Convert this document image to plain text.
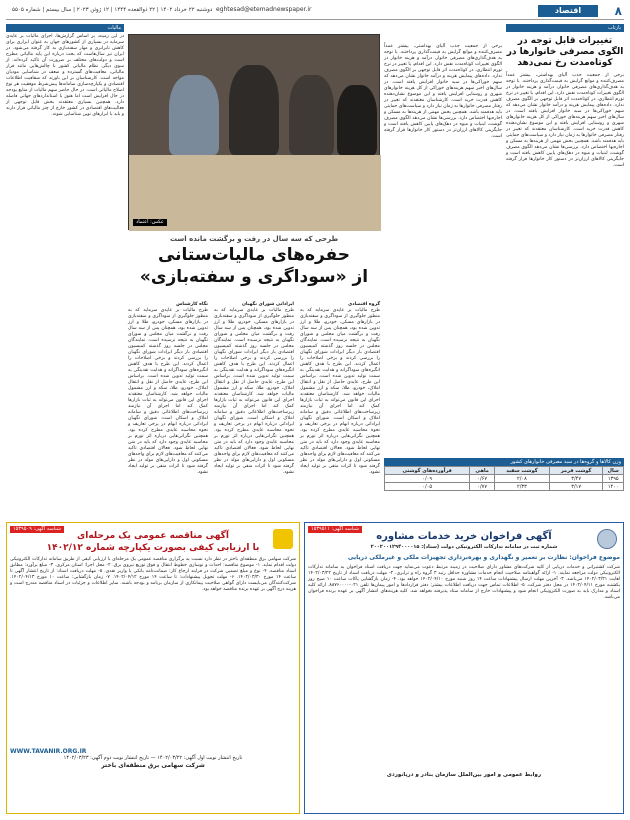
۸
اقتصاد
eghtesad@etemadnewspaper.ir
دوشنبه ۲۲ خرداد ۱۴۰۲ | ۲۲ ذوالقعده ۱۴۴۴ | ۱۲ ژوئن ۲۰۲۳ | سال بیستم | شماره ۵۵۰۵
بازتاب
تغییرات قابل توجه در الگوی مصرفی خانوارها در کوتاه‌مدت رخ نمی‌دهد
برخی از جمعیت جذب آلیای بهداشتی، بیشتر عمداً مصرف‌کننده و موانع گرایش به قیمت‌گذاری پرداختند. با توجه به هدف‌گذاری‌های مصرفی خانوار، درآمد و هزینه خانوار در الگوی تغییرات کوتاه‌مدت نقش دارد. این اقدام، یا تغییر در نرخ تورم انتظاری، در کوتاه‌مدت اثر قابل توجهی بر الگوی مصرف ندارد. داده‌های پیمایش هزینه و درآمد خانوار نشان می‌دهد که سهم خوراکی‌ها در سبد خانوار افزایش یافته است. در سال‌های اخیر سهم هزینه‌های خوراکی از کل هزینه خانوارهای شهری و روستایی افزایش یافته و این موضوع نشان‌دهنده کاهش قدرت خرید است. کارشناسان معتقدند که تغییر در رفتار مصرفی خانوارها به زمان نیاز دارد و سیاست‌های حمایتی باید هدفمند باشد. همچنین بخش مهمی از هزینه‌ها به مسکن و اجاره‌بها اختصاص دارد. بررسی‌ها نشان می‌دهد الگوی مصرف گوشت، لبنیات و میوه در دهک‌های پایین کاهش یافته است و جایگزینی کالاهای ارزان‌تر در دستور کار خانوارها قرار گرفته است.
برخی از جمعیت جذب آلیای بهداشتی، بیشتر عمداً مصرف‌کننده و موانع گرایش به قیمت‌گذاری پرداختند. با توجه به هدف‌گذاری‌های مصرفی خانوار، درآمد و هزینه خانوار در الگوی تغییرات کوتاه‌مدت نقش دارد. این اقدام، یا تغییر در نرخ تورم انتظاری، در کوتاه‌مدت اثر قابل توجهی بر الگوی مصرف ندارد. داده‌های پیمایش هزینه و درآمد خانوار نشان می‌دهد که سهم خوراکی‌ها در سبد خانوار افزایش یافته است. در سال‌های اخیر سهم هزینه‌های خوراکی از کل هزینه خانوارهای شهری و روستایی افزایش یافته و این موضوع نشان‌دهنده کاهش قدرت خرید است. کارشناسان معتقدند که تغییر در رفتار مصرفی خانوارها به زمان نیاز دارد و سیاست‌های حمایتی باید هدفمند باشد. همچنین بخش مهمی از هزینه‌ها به مسکن و اجاره‌بها اختصاص دارد. بررسی‌ها نشان می‌دهد الگوی مصرف گوشت، لبنیات و میوه در دهک‌های پایین کاهش یافته است و جایگزینی کالاهای ارزان‌تر در دستور کار خانوارها قرار گرفته است.
وزن کالاها و گروه‌ها در سبد مصرفی خانوارهای کشور
سال	گوشت قرمز	گوشت سفید	ماهی	فرآورده‌های گوشتی
۱۳۹۵	۳/۴۷	۲/۰۸	۰/۶۷	۰/۰۹
۱۴۰۰	۳/۱۷	۲/۳۳	۰/۷۷	۰/۰۵
عکس: اعتماد
مالیات
در این زمینه، بر اساس گزارش‌ها، اجرای مالیات بر عایدی سرمایه در بسیاری از کشورهای جهان به عنوان ابزاری برای کاهش نابرابری و مهار سفته‌بازی به کار گرفته می‌شود. در ایران نیز سال‌هاست که بحث درباره این پایه مالیاتی مطرح است و دولت‌های مختلف بر ضرورت آن تاکید کرده‌اند. از سوی دیگر، نظام مالیاتی کشور با چالش‌هایی مانند فرار مالیاتی، معافیت‌های گسترده و ضعف در شناسایی مودیان مواجه است. کارشناسان بر این باورند که شفافیت اطلاعات اقتصادی و یکپارچه‌سازی سامانه‌ها پیش‌شرط موفقیت هر نوع اصلاح مالیاتی است. در حال حاضر سهم مالیات از منابع بودجه در حال افزایش است اما هنوز با استانداردهای جهانی فاصله دارد. همچنین بسیاری معتقدند بخش قابل توجهی از فعالیت‌های اقتصادی در کشور خارج از چتر مالیاتی قرار دارند و باید با ابزارهای نوین شناسایی شوند.
طرحی که سه سال در رفت و برگشت مانده است
حفره‌های مالیات‌ستانی
از «سوداگری و سفته‌بازی»
گروه اقتصادی
طرح مالیات بر عایدی سرمایه که به منظور جلوگیری از سوداگری و سفته‌بازی در بازارهای مسکن، خودرو، طلا و ارز تدوین شده بود، همچنان پس از سه سال رفت و برگشت میان مجلس و شورای نگهبان به نتیجه نرسیده است. نمایندگان مجلس در جلسه روز گذشته کمیسیون اقتصادی بار دیگر ایرادات شورای نگهبان را بررسی کردند و برخی اصلاحات را اعمال کردند. این طرح با هدف کاهش انگیزه‌های سوداگرانه و هدایت نقدینگی به سمت تولید تدوین شده است. براساس این طرح، عایدی حاصل از نقل و انتقال املاک، خودرو، طلا، سکه و ارز مشمول مالیات خواهد شد. کارشناسان معتقدند اجرای این قانون می‌تواند به ثبات بازارها کمک کند اما اجرای آن نیازمند زیرساخت‌های اطلاعاتی دقیق و سامانه املاک و اسکان است. شورای نگهبان ایراداتی درباره ابهام در برخی تعاریف و نحوه محاسبه عایدی مطرح کرده بود. همچنین نگرانی‌هایی درباره اثر تورم بر محاسبه عایدی وجود دارد که باید در متن نهایی لحاظ شود. فعالان اقتصادی تاکید می‌کنند که معافیت‌های لازم برای واحدهای مسکونی اول و دارایی‌های مولد در نظر گرفته شود تا اثرات منفی بر تولید ایجاد نشود.
ایراداتی شورای نگهبان
طرح مالیات بر عایدی سرمایه که به منظور جلوگیری از سوداگری و سفته‌بازی در بازارهای مسکن، خودرو، طلا و ارز تدوین شده بود، همچنان پس از سه سال رفت و برگشت میان مجلس و شورای نگهبان به نتیجه نرسیده است. نمایندگان مجلس در جلسه روز گذشته کمیسیون اقتصادی بار دیگر ایرادات شورای نگهبان را بررسی کردند و برخی اصلاحات را اعمال کردند. این طرح با هدف کاهش انگیزه‌های سوداگرانه و هدایت نقدینگی به سمت تولید تدوین شده است. براساس این طرح، عایدی حاصل از نقل و انتقال املاک، خودرو، طلا، سکه و ارز مشمول مالیات خواهد شد. کارشناسان معتقدند اجرای این قانون می‌تواند به ثبات بازارها کمک کند اما اجرای آن نیازمند زیرساخت‌های اطلاعاتی دقیق و سامانه املاک و اسکان است. شورای نگهبان ایراداتی درباره ابهام در برخی تعاریف و نحوه محاسبه عایدی مطرح کرده بود. همچنین نگرانی‌هایی درباره اثر تورم بر محاسبه عایدی وجود دارد که باید در متن نهایی لحاظ شود. فعالان اقتصادی تاکید می‌کنند که معافیت‌های لازم برای واحدهای مسکونی اول و دارایی‌های مولد در نظر گرفته شود تا اثرات منفی بر تولید ایجاد نشود.
نگاه کارشناس
طرح مالیات بر عایدی سرمایه که به منظور جلوگیری از سوداگری و سفته‌بازی در بازارهای مسکن، خودرو، طلا و ارز تدوین شده بود، همچنان پس از سه سال رفت و برگشت میان مجلس و شورای نگهبان به نتیجه نرسیده است. نمایندگان مجلس در جلسه روز گذشته کمیسیون اقتصادی بار دیگر ایرادات شورای نگهبان را بررسی کردند و برخی اصلاحات را اعمال کردند. این طرح با هدف کاهش انگیزه‌های سوداگرانه و هدایت نقدینگی به سمت تولید تدوین شده است. براساس این طرح، عایدی حاصل از نقل و انتقال املاک، خودرو، طلا، سکه و ارز مشمول مالیات خواهد شد. کارشناسان معتقدند اجرای این قانون می‌تواند به ثبات بازارها کمک کند اما اجرای آن نیازمند زیرساخت‌های اطلاعاتی دقیق و سامانه املاک و اسکان است. شورای نگهبان ایراداتی درباره ابهام در برخی تعاریف و نحوه محاسبه عایدی مطرح کرده بود. همچنین نگرانی‌هایی درباره اثر تورم بر محاسبه عایدی وجود دارد که باید در متن نهایی لحاظ شود. فعالان اقتصادی تاکید می‌کنند که معافیت‌های لازم برای واحدهای مسکونی اول و دارایی‌های مولد در نظر گرفته شود تا اثرات منفی بر تولید ایجاد نشود.
شناسه آگهی: ۱۵۳۹۵۱۱
آگهی فراخوان خرید خدمات مشاوره
شماره ثبت در سامانه تدارکات الکترونیکی دولت (ستاد): ۲۰۰۲۰۰۱۲۹۴۰۰۰۰۱۵
موضوع فراخوان: نظارت بر تعمیر و نگهداری و بهره‌برداری تجهیزات ملکی و غیرملکی دریایی
شرکت کشتیرانی و خدمات دریایی از کلیه شرکت‌های مشاور دارای صلاحیت در زمینه مرتبط دعوت می‌نماید جهت دریافت اسناد فراخوان به سامانه تدارکات الکترونیکی دولت مراجعه نمایند. ۱- ارائه گواهینامه صلاحیت انجام خدمات مشاوره حداقل رتبه ۳ گروه راه و ترابری. ۲- مهلت دریافت اسناد از تاریخ ۱۴۰۲/۰۳/۲۲ لغایت ۱۴۰۲/۰۳/۳۱ می‌باشد. ۳- آخرین مهلت ارسال پیشنهادات ساعت ۱۴ روز شنبه مورخ ۱۴۰۲/۰۴/۱۰ خواهد بود. ۴- زمان بازگشایی پاکات ساعت ۱۰ صبح روز یکشنبه مورخ ۱۴۰۲/۰۴/۱۱ در محل دفتر شرکت. ۵- اطلاعات تماس جهت دریافت اطلاعات بیشتر: دفتر قراردادها و امور پیمان‌ها تلفن ۰۲۱-۸۸۷۶۰۰۰۰. ارائه کلیه اسناد و مدارک باید به صورت الکترونیکی انجام شود و پیشنهادات خارج از سامانه ستاد پذیرفته نخواهد شد. کلیه هزینه‌های انتشار آگهی بر عهده برنده فراخوان می‌باشد.
روابط عمومی و امور بین‌الملل سازمان بنادر و دریانوردی
شناسه آگهی: ۱۵۳۹۵۰۹
آگهی مناقصه عمومی یک مرحله‌ای
با ارزیابی کیفی بصورت یکپارچه شماره ۱۴۰۲/۱۲
شرکت سهامی برق منطقه‌ای باختر در نظر دارد نسبت به برگزاری مناقصه عمومی یک مرحله‌ای با ارزیابی کیفی از طریق سامانه تدارکات الکترونیکی دولت اقدام نماید. ۱- موضوع مناقصه: احداث و نوسازی خطوط انتقال و فوق توزیع نیروی برق. ۲- محل اجرا: استان مرکزی. ۳- مبلغ برآورد: مطابق اسناد مناقصه. ۴- نوع و مبلغ تضمین شرکت در فرایند ارجاع کار: ضمانت‌نامه بانکی یا واریز نقدی. ۵- مهلت دریافت اسناد: از تاریخ انتشار آگهی تا ساعت ۱۴ مورخ ۱۴۰۲/۰۳/۳۰. ۶- مهلت تحویل پیشنهادات: تا ساعت ۱۴ مورخ ۱۴۰۲/۰۴/۱۲. ۷- زمان بازگشایی: ساعت ۱۰ مورخ ۱۴۰۲/۰۴/۱۳. شرکت‌کنندگان می‌بایست دارای گواهی صلاحیت پیمانکاری از سازمان برنامه و بودجه باشند. سایر اطلاعات و جزئیات در اسناد مناقصه مندرج است و هزینه درج آگهی بر عهده برنده مناقصه خواهد بود.
WWW.TAVANIR.ORG.IR
تاریخ انتشار نوبت اول آگهی: ۱۴۰۲/۰۳/۲۲ — تاریخ انتشار نوبت دوم آگهی: ۱۴۰۲/۰۳/۲۳
شرکت سهامی برق منطقه‌ای باختر
